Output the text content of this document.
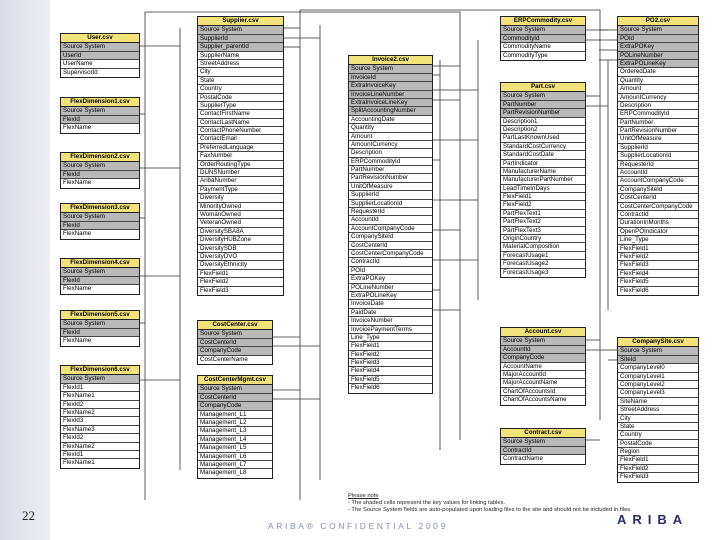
User.csv
Source System
UserId
UserName
SupervisorId
FlexDimension1.csv
Source System
FlexId
FlexName
FlexDimension2.csv
Source System
FlexId
FlexName
FlexDimension3.csv
Source System
FlexId
FlexName
FlexDimension4.csv
Source System
FlexId
FlexName
FlexDimension5.csv
Source System
FlexId
FlexName
FlexDimension6.csv
Source System
FlexId1
FlexName1
FlexId2
FlexName2
FlexId3
FlexName3
FlexId2
FlexName2
FlexId1
FlexName1
Supplier.csv
Source System
SupplierId
Supplier_parentId
SupplierName
StreetAddress
City
State
Country
PostalCode
SupplierType
ContactFirstName
ContactLastName
ContactPhoneNumber
ContactEmail
PreferredLanguage
FaxNumber
OrderRoutingType
DUNSNumber
AribaNumber
PaymentType
Diversity
MinorityOwned
WomanOwned
VeteranOwned
DiversitySBA8A
DiversityHUBZone
DiversitySDB
DiversityDVO
DiversityEthnicity
FlexField1
FlexField2
FlexField3
CostCenter.csv
Source System
CostCenterId
CompanyCode
CostCenterName
CostCenterMgmt.csv
Source System
CostCenterId
CompanyCode
Management_L1
Management_L2
Management_L3
Management_L4
Management_L5
Management_L6
Management_L7
Management_L8
Invoice2.csv
Source System
InvoiceId
ExtraInvoiceKey
InvoiceLineNumber
ExtraInvoiceLineKey
SplitAccountingNumber
AccountingDate
Quantity
Amount
AmountCurrency
Description
ERPCommodityId
PartNumber
PartRevisionNumber
UnitOfMeasure
SupplierId
SupplierLocationId
RequesterId
AccountId
AccountCompanyCode
CompanySiteId
CostCenterId
CostCenterCompanyCode
ContractId
POId
ExtraPOKey
POLineNumber
ExtraPOLineKey
InvoiceDate
PaidDate
InvoiceNumber
InvoicePaymentTerms
Line_Type
FlexField1
FlexField2
FlexField3
FlexField4
FlexField5
FlexField6
ERPCommodity.csv
Source System
CommodityId
CommodityName
CommodityType
Part.csv
Source System
PartNumber
PartRevisionNumber
Description1
Description2
PartLastKnownUsed
StandardCostCurrency
StandardCostDate
PartIndicator
ManufacturerName
ManufacturerPartNumber
LeadTimeInDays
FlexField1
FlexField2
PartFlexText1
PartFlexText2
PartFlexText3
OriginCountry
MaterialComposition
ForecastUsage1
ForecastUsage2
ForecastUsage3
Account.csv
Source System
AccountId
CompanyCode
AccountName
MajorAccountId
MajorAccountName
ChartOfAccountsId
ChartOfAccountsName
Contract.csv
Source System
ContractId
ContractName
PO2.csv
Source System
POId
ExtraPOKey
POLineNumber
ExtraPOLineKey
OrderedDate
Quantity
Amount
AmountCurrency
Description
ERPCommodityId
PartNumber
PartRevisionNumber
UnitOfMeasure
SupplierId
SupplierLocationId
RequesterId
AccountId
AccountCompanyCode
CompanySiteId
CostCenterId
CostCenterCompanyCode
ContractId
DurationInMonths
OpenPOIndicator
Line_Type
FlexField1
FlexField2
FlexField3
FlexField4
FlexField5
FlexField6
CompanySite.csv
Source System
SiteId
CompanyLevel0
CompanyLevel1
CompanyLevel2
CompanyLevel3
SiteName
StreetAddress
City
State
Country
PostalCode
Region
FlexField1
FlexField2
FlexField3
Please note
- The shaded cells represent the key values for linking tables.
- The Source System fields are auto-populated upon loading files to the site and should not be included in files.
22
ARIBA® CONFIDENTIAL 2009	ARIBA
